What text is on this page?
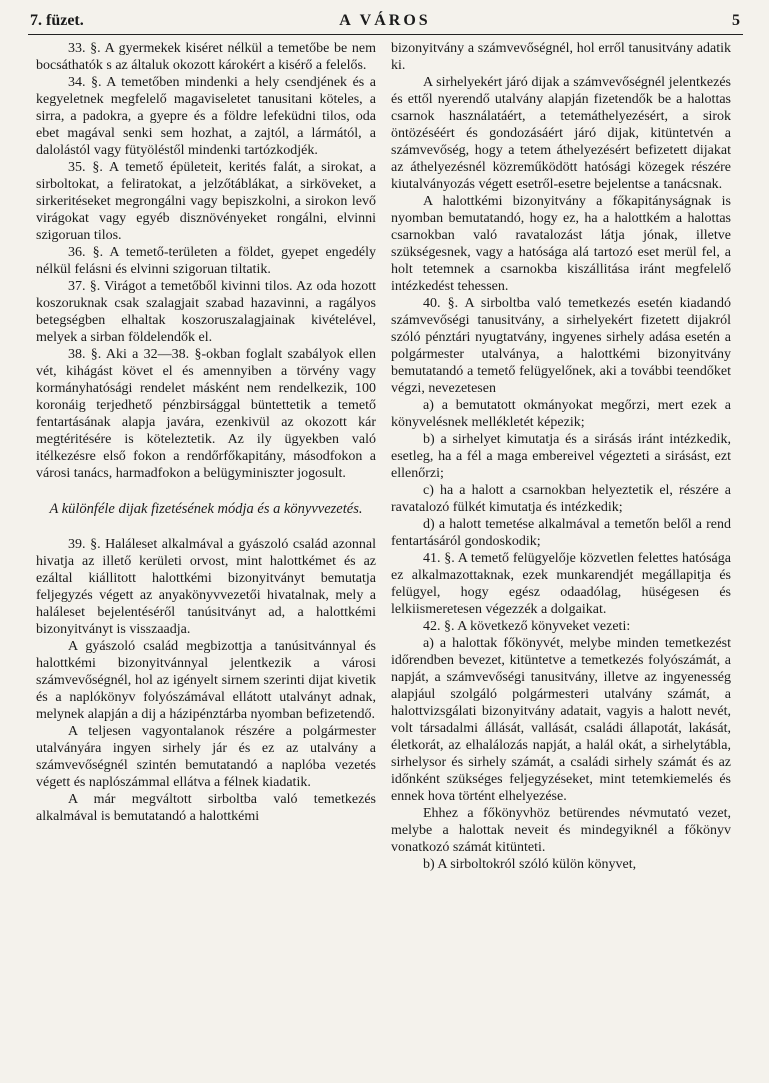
7. füzet.	A VÁROS	5

33. §. A gyermekek kiséret nélkül a temetőbe be nem bocsáthatók s az általuk okozott károkért a kisérő a felelős.

34. §. A temetőben mindenki a hely csendjének és a kegyeletnek megfelelő magaviseletet tanusitani köteles, a sirra, a padokra, a gyepre és a földre lefeküdni tilos, oda ebet magával senki sem hozhat, a zajtól, a lármától, a dalolástól vagy fütyöléstől mindenki tartózkodjék.

35. §. A temető épületeit, kerités falát, a sirokat, a sirboltokat, a feliratokat, a jelzőtáblákat, a sirköveket, a sirkeritéseket megrongálni vagy bepiszkolni, a sirokon levő virágokat vagy egyéb disznövényeket rongálni, elvinni szigoruan tilos.

36. §. A temető-területen a földet, gyepet engedély nélkül felásni és elvinni szigoruan tiltatik.

37. §. Virágot a temetőből kivinni tilos. Az oda hozott koszoruknak csak szalagjait szabad hazavinni, a ragályos betegségben elhaltak koszoruszalagjainak kivételével, melyek a sirban földelendők el.

38. §. Aki a 32—38. §-okban foglalt szabályok ellen vét, kihágást követ el és amennyiben a törvény vagy kormányhatósági rendelet másként nem rendelkezik, 100 koronáig terjedhető pénzbirsággal büntettetik a temető fentartásának alapja javára, ezenkivül az okozott kár megtéritésére is köteleztetik. Az ily ügyekben való itélkezésre első fokon a rendőrfőkapitány, másodfokon a városi tanács, harmadfokon a belügyminiszter jogosult.

A különféle dijak fizetésének módja és a könyvvezetés.

39. §. Haláleset alkalmával a gyászoló család azonnal hivatja az illető kerületi orvost, mint halottkémet és az ezáltal kiállitott halottkémi bizonyitványt bemutatja feljegyzés végett az anyakönyvvezetői hivatalnak, mely a haláleset bejelentéséről tanúsitványt ad, a halottkémi bizonyitványt is visszaadja.

A gyászoló család megbizottja a tanúsitvánnyal és halottkémi bizonyitvánnyal jelentkezik a városi számvevőségnél, hol az igényelt sirnem szerinti dijat kivetik és a naplókönyv folyószámával ellátott utalványt adnak, melynek alapján a dij a házipénztárba nyomban befizetendő.

A teljesen vagyontalanok részére a polgármester utalványára ingyen sirhely jár és ez az utalvány a számvevőségnél szintén bemutatandó a naplóba vezetés végett és naplószámmal ellátva a félnek kiadatik.

A már megváltott sirboltba való temetkezés alkalmával is bemutatandó a halottkémi

bizonyitvány a számvevőségnél, hol erről tanusitvány adatik ki.

A sirhelyekért járó dijak a számvevőségnél jelentkezés és ettől nyerendő utalvány alapján fizetendők be a halottas csarnok használatáért, a tetemáthelyezésért, a sirok öntözéséért és gondozásáért járó dijak, kitüntetvén a számvevőség, hogy a tetem áthelyezésért befizetett dijakat az áthelyezésnél közreműködött hatósági közegek részére kiutalványozás végett esetről-esetre bejelentse a tanácsnak.

A halottkémi bizonyitvány a főkapitányságnak is nyomban bemutatandó, hogy ez, ha a halottkém a halottas csarnokban való ravatalozást látja jónak, illetve szükségesnek, vagy a hatósága alá tartozó eset merül fel, a holt tetemnek a csarnokba kiszállitása iránt megfelelő intézkedést tehessen.

40. §. A sirboltba való temetkezés esetén kiadandó számvevőségi tanusitvány, a sirhelyekért fizetett dijakról szóló pénztári nyugtatvány, ingyenes sirhely adása esetén a polgármester utalványa, a halottkémi bizonyitvány bemutatandó a temető felügyelőnek, aki a további teendőket végzi, nevezetesen

a) a bemutatott okmányokat megőrzi, mert ezek a könyvelésnek mellékletét képezik;

b) a sirhelyet kimutatja és a sirásás iránt intézkedik, esetleg, ha a fél a maga embereivel végezteti a sirásást, ezt ellenőrzi;

c) ha a halott a csarnokban helyeztetik el, részére a ravatalozó fülkét kimutatja és intézkedik;

d) a halott temetése alkalmával a temetőn belől a rend fentartásáról gondoskodik;

41. §. A temető felügyelője közvetlen felettes hatósága ez alkalmazottaknak, ezek munkarendjét megállapitja és felügyel, hogy egész odaadólag, hüségesen és lelkiismeretesen végezzék a dolgaikat.

42. §. A következő könyveket vezeti:

a) a halottak főkönyvét, melybe minden temetkezést időrendben bevezet, kitüntetve a temetkezés folyószámát, a napját, a számvevőségi tanusitvány, illetve az ingyenesség alapjául szolgáló polgármesteri utalvány számát, a halottvizsgálati bizonyitvány adatait, vagyis a halott nevét, volt társadalmi állását, vallását, családi állapotát, lakását, életkorát, az elhalálozás napját, a halál okát, a sirhelytábla, sirhelysor és sirhely számát, a családi sirhely számát és az időnként szükséges feljegyzéseket, mint tetemkiemelés és ennek hova történt elhelyezése.

Ehhez a főkönyvhöz betürendes névmutató vezet, melybe a halottak neveit és mindegyiknél a főkönyv vonatkozó számát kitünteti.

b) A sirboltokról szóló külön könyvet,
